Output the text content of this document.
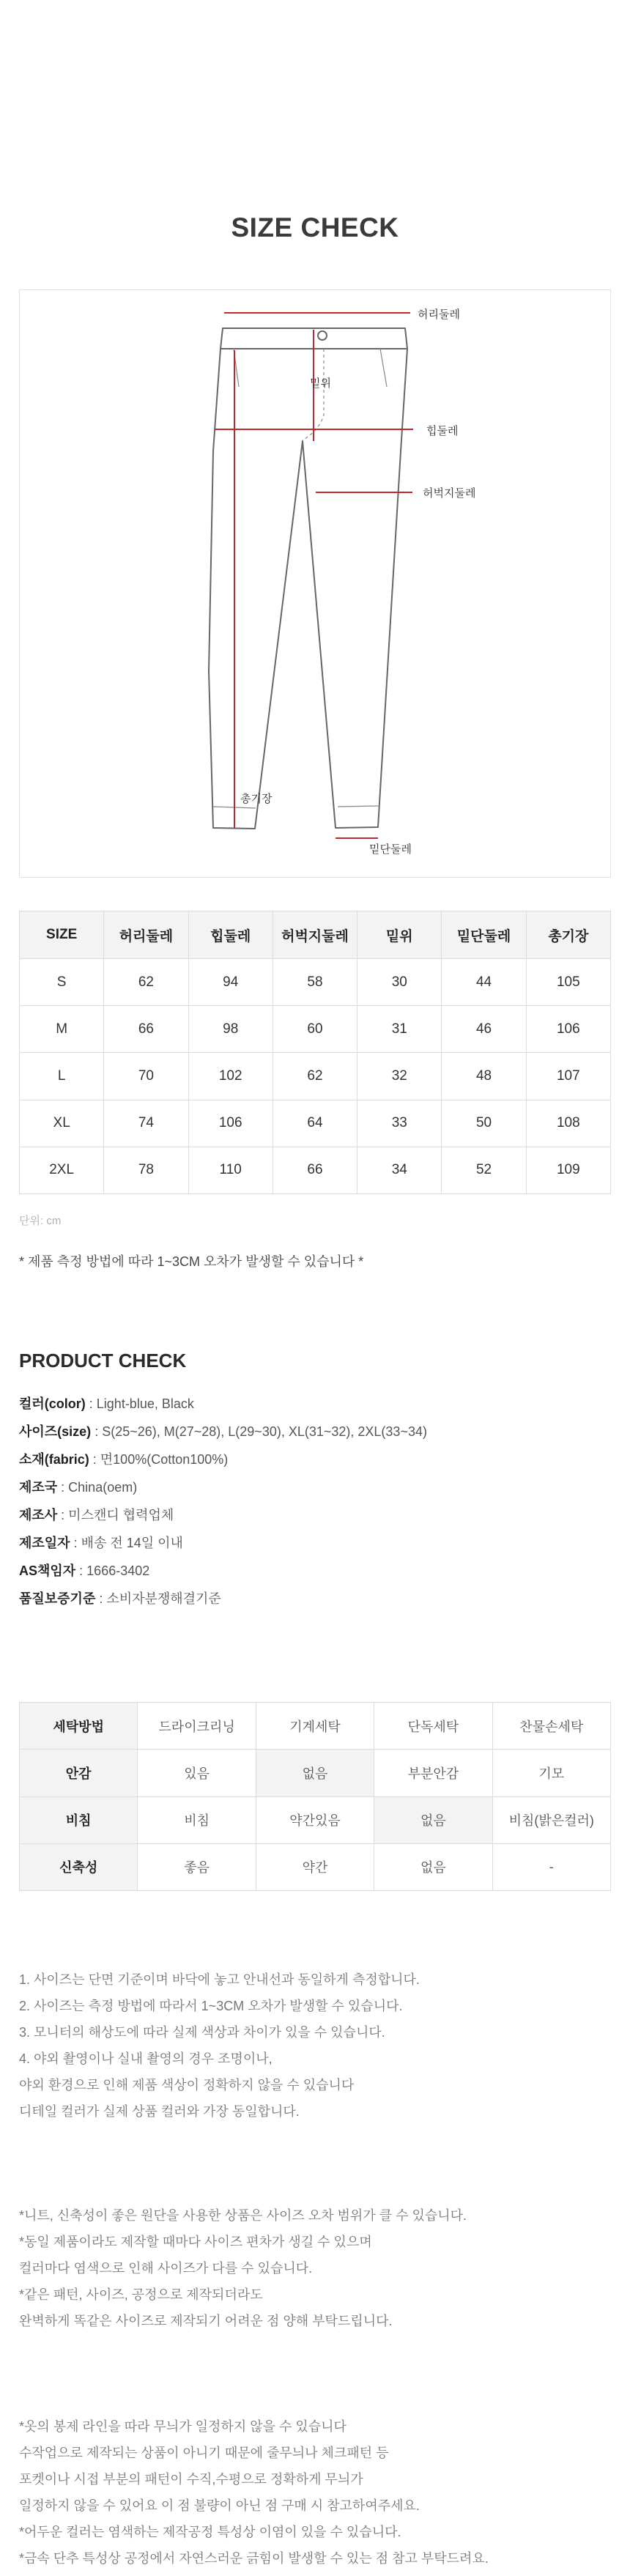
SIZE CHECK
허리둘레
밑위
힙둘레
허벅지둘레
총기장
밑단둘레
SIZE	허리둘레	힙둘레	허벅지둘레	밑위	밑단둘레	총기장
S	62	94	58	30	44	105
M	66	98	60	31	46	106
L	70	102	62	32	48	107
XL	74	106	64	33	50	108
2XL	78	110	66	34	52	109
단위: cm
* 제품 측정 방법에 따라 1~3CM 오차가 발생할 수 있습니다 *
PRODUCT CHECK
컬러(color) : Light-blue, Black
사이즈(size) : S(25~26), M(27~28), L(29~30), XL(31~32), 2XL(33~34)
소재(fabric) : 면100%(Cotton100%)
제조국 : China(oem)
제조사 : 미스캔디 협력업체
제조일자 : 배송 전 14일 이내
AS책임자 : 1666-3402
품질보증기준 : 소비자분쟁해결기준
세탁방법	드라이크리닝	기계세탁	단독세탁	찬물손세탁
안감	있음	없음	부분안감	기모
비침	비침	약간있음	없음	비침(밝은컬러)
신축성	좋음	약간	없음	-

1. 사이즈는 단면 기준이며 바닥에 놓고 안내선과 동일하게 측정합니다.

2. 사이즈는 측정 방법에 따라서 1~3CM 오차가 발생할 수 있습니다.

3. 모니터의 해상도에 따라 실제 색상과 차이가 있을 수 있습니다.

4. 야외 촬영이나 실내 촬영의 경우 조명이나,

야외 환경으로 인해 제품 색상이 정확하지 않을 수 있습니다

디테일 컬러가 실제 상품 컬러와 가장 동일합니다.

*니트, 신축성이 좋은 원단을 사용한 상품은 사이즈 오차 범위가 클 수 있습니다.

*동일 제품이라도 제작할 때마다 사이즈 편차가 생길 수 있으며

컬러마다 염색으로 인해 사이즈가 다를 수 있습니다.

*같은 패턴, 사이즈, 공정으로 제작되더라도

완벽하게 똑같은 사이즈로 제작되기 어려운 점 양해 부탁드립니다.

*옷의 봉제 라인을 따라 무늬가 일정하지 않을 수 있습니다

수작업으로 제작되는 상품이 아니기 때문에 줄무늬나 체크패턴 등

포켓이나 시접 부분의 패턴이 수직,수평으로 정확하게 무늬가

일정하지 않을 수 있어요 이 점 불량이 아닌 점 구매 시 참고하여주세요.

*어두운 컬러는 염색하는 제작공정 특성상 이염이 있을 수 있습니다.

*금속 단추 특성상 공정에서 자연스러운 긁힘이 발생할 수 있는 점 참고 부탁드려요.
